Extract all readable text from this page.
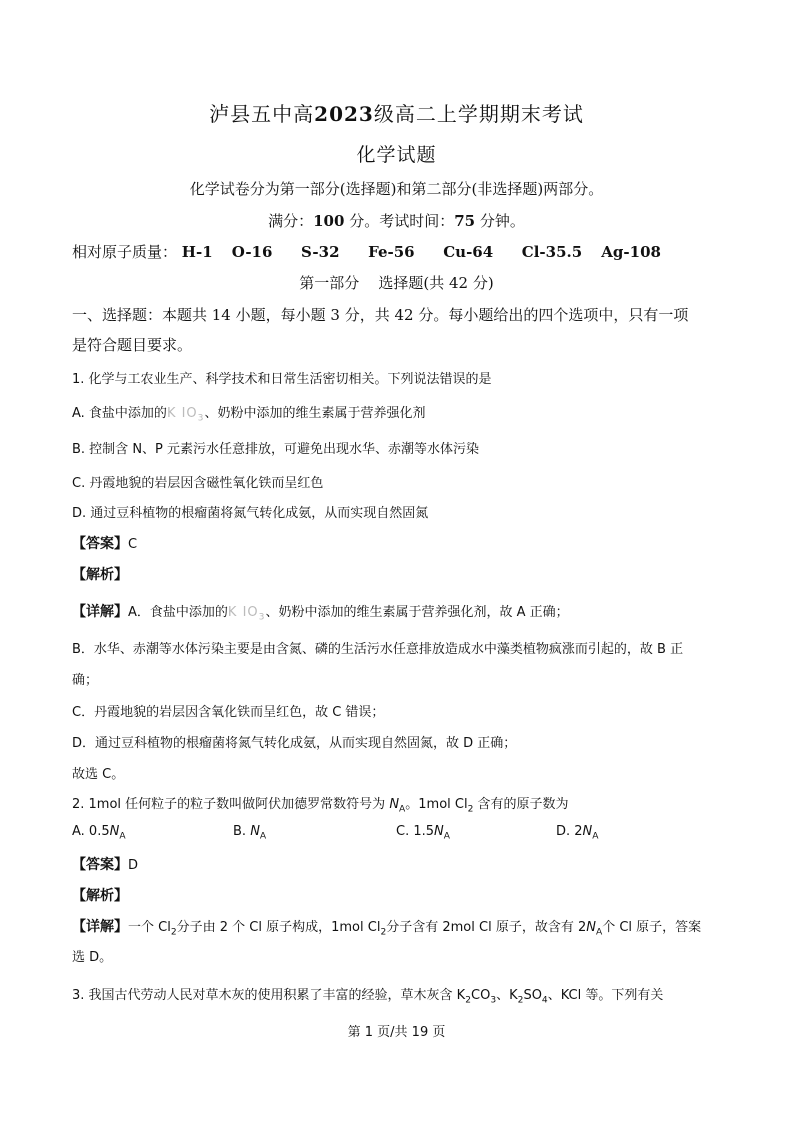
泸县五中高2023级高二上学期期末考试
化学试题
化学试卷分为第一部分(选择题)和第二部分(非选择题)两部分。
满分：100 分。考试时间：75 分钟。
相对原子质量： H-1 O-16 S-32 Fe-56 Cu-64 Cl-35.5 Ag-108
第一部分 选择题(共 42 分)
一、选择题：本题共 14 小题，每小题 3 分，共 42 分。每小题给出的四个选项中，只有一项
是符合题目要求。
1. 化学与工农业生产、科学技术和日常生活密切相关。下列说法错误的是
A. 食盐中添加的K $IO_3$、奶粉中添加的维生素属于营养强化剂
B. 控制含 N、P 元素污水任意排放，可避免出现水华、赤潮等水体污染
C. 丹霞地貌的岩层因含磁性氧化铁而呈红色
D. 通过豆科植物的根瘤菌将氮气转化成氨，从而实现自然固氮
【答案】C
【解析】
【详解】A．食盐中添加的K $IO_3$、奶粉中添加的维生素属于营养强化剂，故 A 正确；
B．水华、赤潮等水体污染主要是由含氮、磷的生活污水任意排放造成水中藻类植物疯涨而引起的，故 B 正
确；
C．丹霞地貌的岩层因含氧化铁而呈红色，故 C 错误；
D．通过豆科植物的根瘤菌将氮气转化成氨，从而实现自然固氮，故 D 正确；
故选 C。
2. 1mol 任何粒子的粒子数叫做阿伏加德罗常数符号为 $N_A$。1mol $Cl_2$ 含有的原子数为
A. $0.5N_A$	B. $N_A$	C. $1.5N_A$	D. $2N_A$
【答案】D
【解析】
【详解】一个 $Cl_2$分子由 2 个 Cl 原子构成，1mol $Cl_2$分子含有 2mol Cl 原子，故含有 $2N_A$个 Cl 原子，答案
选 D。
3. 我国古代劳动人民对草木灰的使用积累了丰富的经验，草木灰含 $K_2CO_3$、$K_2SO_4$、KCl 等。下列有关
第 1 页/共 19 页
